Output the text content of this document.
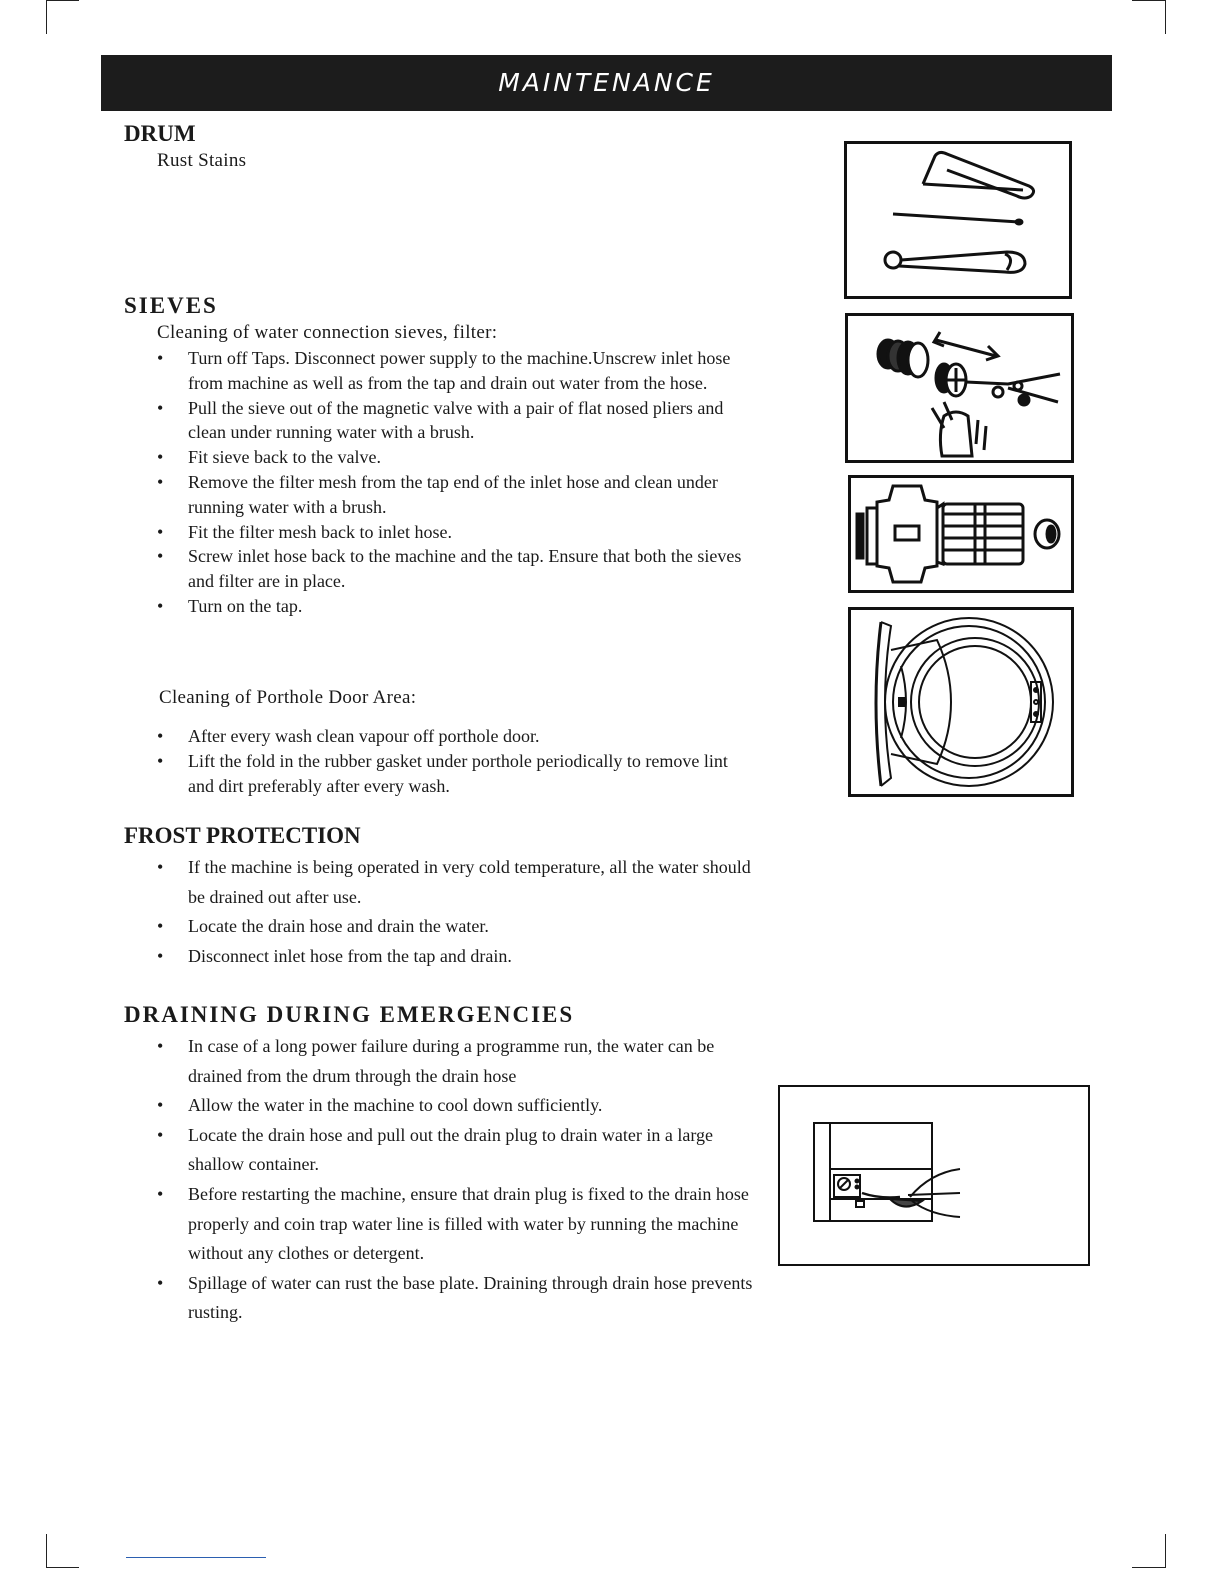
MAINTENANCE
DRUM

Rust Stains

SIEVES

Cleaning of water connection sieves, filter:

• Turn off Taps. Disconnect power supply to the machine.Unscrew inlet hose from machine as well as from the tap and drain out water from the hose.
• Pull the sieve out of the magnetic valve with a pair of flat nosed pliers and clean under running water with a brush.
• Fit sieve back to the valve.
• Remove the filter mesh from the tap end of the inlet hose and clean under running water with a brush.
• Fit the filter mesh back to inlet hose.
• Screw inlet hose back to the machine and the tap. Ensure that both the sieves and filter are in place.
• Turn on the tap.

Cleaning of Porthole Door Area:

• After every wash clean vapour off porthole door.
• Lift the fold in the rubber gasket under porthole periodically to remove lint and dirt preferably after every wash.
FROST PROTECTION
• If the machine is being operated in very cold temperature, all the water should be drained out after use.
• Locate the drain hose and drain the water.
• Disconnect inlet hose from the tap and drain.
DRAINING DURING EMERGENCIES
• In case of a long power failure during a programme run, the water can be drained from the drum through the drain hose
• Allow the water in the machine to cool down sufficiently.
• Locate the drain hose and pull out the drain plug to drain water in a large shallow container.
• Before restarting the machine, ensure that drain plug is fixed to the drain hose properly and coin trap water line is filled with water by running the machine without any clothes or detergent.
• Spillage of water can rust the base plate. Draining through drain hose prevents rusting.
